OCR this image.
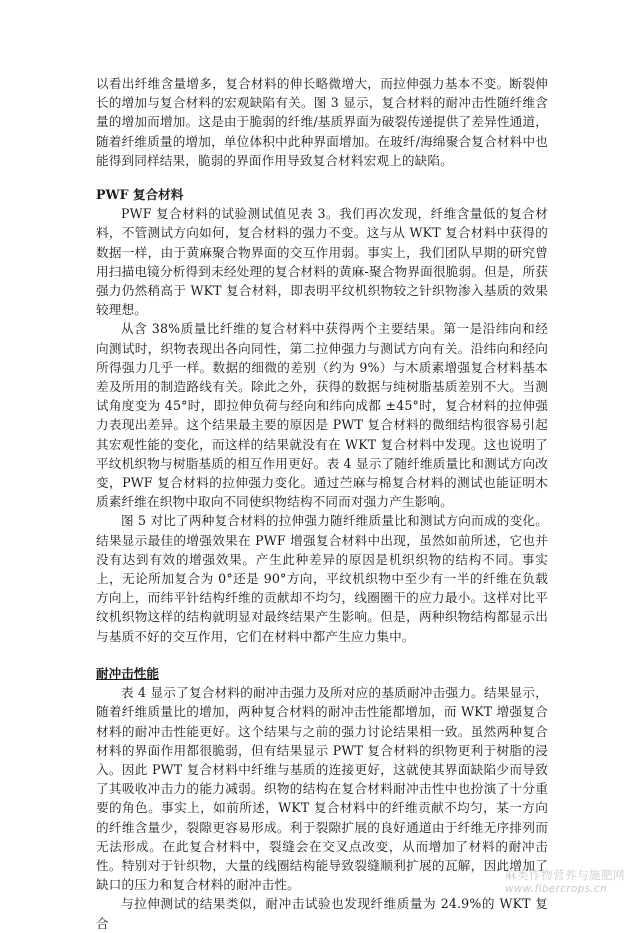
以看出纤维含量增多，复合材料的伸长略微增大，而拉伸强力基本不变。断裂伸长的增加与复合材料的宏观缺陷有关。图 3 显示，复合材料的耐冲击性随纤维含量的增加而增加。这是由于脆弱的纤维/基质界面为破裂传递提供了差异性通道，随着纤维质量的增加，单位体积中此种界面增加。在玻纤/海绵聚合复合材料中也能得到同样结果，脆弱的界面作用导致复合材料宏观上的缺陷。

PWF 复合材料

PWF 复合材料的试验测试值见表 3。我们再次发现，纤维含量低的复合材料，不管测试方向如何，复合材料的强力不变。这与从 WKT 复合材料中获得的数据一样，由于黄麻聚合物界面的交互作用弱。事实上，我们团队早期的研究曾用扫描电镜分析得到未经处理的复合材料的黄麻-聚合物界面很脆弱。但是，所获强力仍然稍高于 WKT 复合材料，即表明平纹机织物较之针织物渗入基质的效果较理想。

从含 38%质量比纤维的复合材料中获得两个主要结果。第一是沿纬向和经向测试时，织物表现出各向同性，第二拉伸强力与测试方向有关。沿纬向和经向所得强力几乎一样。数据的细微的差别（约为 9%）与木质素增强复合材料基本差及所用的制造路线有关。除此之外，获得的数据与纯树脂基质差别不大。当测试角度变为 45°时，即拉伸负荷与经向和纬向成都 ±45°时，复合材料的拉伸强力表现出差异。这个结果最主要的原因是 PWT 复合材料的微细结构很容易引起其宏观性能的变化，而这样的结果就没有在 WKT 复合材料中发现。这也说明了平纹机织物与树脂基质的相互作用更好。表 4 显示了随纤维质量比和测试方向改变，PWF 复合材料的拉伸强力变化。通过苎麻与棉复合材料的测试也能证明木质素纤维在织物中取向不同使织物结构不同而对强力产生影响。

图 5 对比了两种复合材料的拉伸强力随纤维质量比和测试方向而成的变化。结果显示最佳的增强效果在 PWF 增强复合材料中出现，虽然如前所述，它也并没有达到有效的增强效果。产生此种差异的原因是机织织物的结构不同。事实上，无论所加复合为 0°还是 90°方向，平纹机织物中至少有一半的纤维在负载方向上，而纬平针结构纤维的贡献却不均匀，线圈圈干的应力最小。这样对比平纹机织物这样的结构就明显对最终结果产生影响。但是，两种织物结构都显示出与基质不好的交互作用，它们在材料中都产生应力集中。

耐冲击性能

表 4 显示了复合材料的耐冲击强力及所对应的基质耐冲击强力。结果显示，随着纤维质量比的增加，两种复合材料的耐冲击性能都增加，而 WKT 增强复合材料的耐冲击性能更好。这个结果与之前的强力讨论结果相一致。虽然两种复合材料的界面作用都很脆弱，但有结果显示 PWT 复合材料的织物更利于树脂的浸入。因此 PWT 复合材料中纤维与基质的连接更好，这就使其界面缺陷少而导致了其吸收冲击力的能力减弱。织物的结构在复合材料耐冲击性中也扮演了十分重要的角色。事实上，如前所述，WKT 复合材料中的纤维贡献不均匀，某一方向的纤维含量少，裂隙更容易形成。利于裂隙扩展的良好通道由于纤维无序排列而无法形成。在此复合材料中，裂缝会在交叉点改变，从而增加了材料的耐冲击性。特别对于针织物，大量的线圈结构能导致裂缝顺利扩展的瓦解，因此增加了缺口的压力和复合材料的耐冲击性。

与拉伸测试的结果类似，耐冲击试验也发现纤维质量为 24.9%的 WKT 复合

麻类作物营养与施肥网
www.fibercrops.cn
